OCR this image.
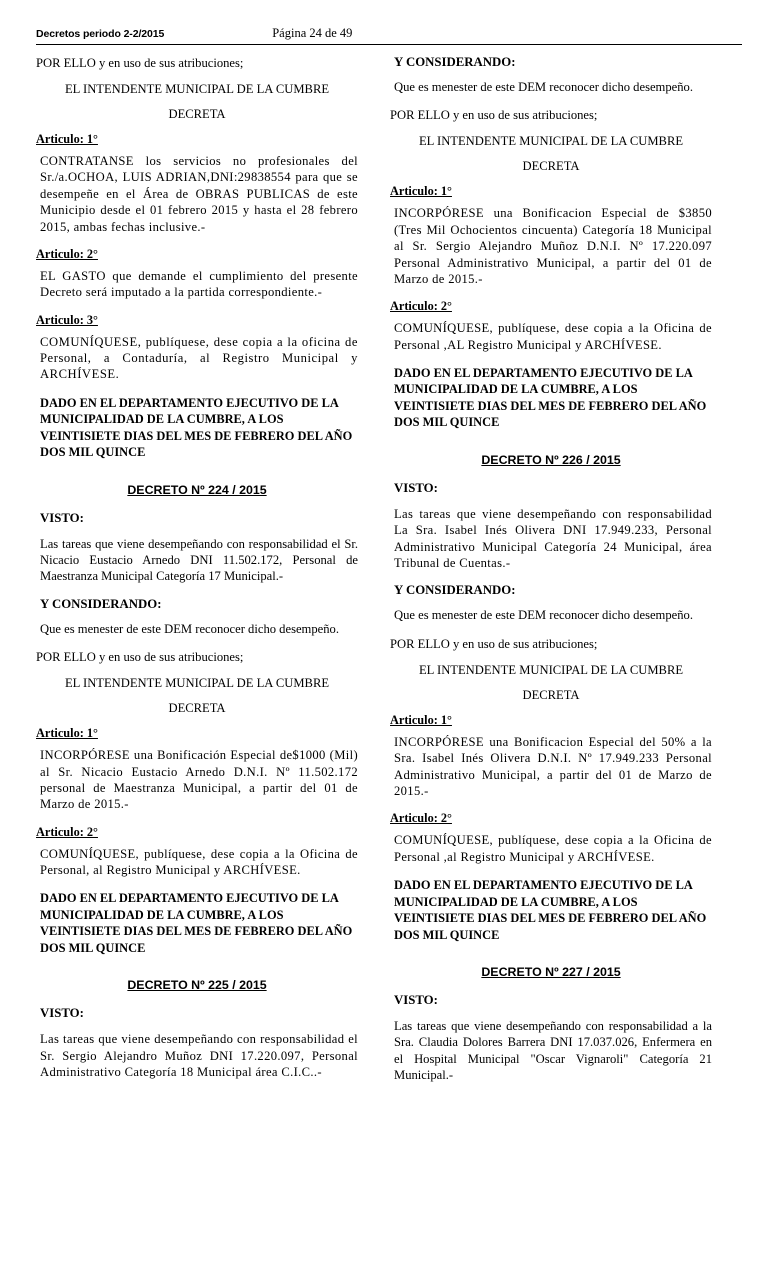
Decretos periodo 2-2/2015	Página 24 de 49
POR ELLO y en uso de sus atribuciones;
EL INTENDENTE MUNICIPAL DE LA CUMBRE
DECRETA
Articulo: 1°
CONTRATANSE los servicios no profesionales del Sr./a.OCHOA, LUIS ADRIAN,DNI:29838554 para que se desempeñe en el Área de OBRAS PUBLICAS de este Municipio desde el 01 febrero 2015 y hasta el 28 febrero 2015, ambas fechas inclusive.-
Articulo: 2°
EL GASTO que demande el cumplimiento del presente Decreto será imputado a la partida correspondiente.-
Articulo: 3°
COMUNÍQUESE, publíquese, dese copia a la oficina de Personal, a Contaduría, al Registro Municipal y ARCHÍVESE.
DADO EN EL DEPARTAMENTO EJECUTIVO DE LA MUNICIPALIDAD DE LA CUMBRE, A LOS VEINTISIETE DIAS DEL MES DE FEBRERO DEL AÑO DOS MIL QUINCE
DECRETO Nº 224 / 2015
VISTO:
Las tareas que viene desempeñando con responsabilidad el Sr. Nicacio Eustacio Arnedo DNI 11.502.172, Personal de Maestranza Municipal Categoría 17 Municipal.-
Y CONSIDERANDO:
Que es menester de este DEM reconocer dicho desempeño.
POR ELLO y en uso de sus atribuciones;
EL INTENDENTE MUNICIPAL DE LA CUMBRE
DECRETA
Articulo: 1°
INCORPÓRESE una Bonificación Especial de$1000 (Mil) al Sr. Nicacio Eustacio Arnedo D.N.I. Nº 11.502.172 personal de Maestranza Municipal, a partir del 01 de Marzo de 2015.-
Articulo: 2°
COMUNÍQUESE, publíquese, dese copia a la Oficina de Personal, al Registro Municipal y ARCHÍVESE.
DADO EN EL DEPARTAMENTO EJECUTIVO DE LA MUNICIPALIDAD DE LA CUMBRE, A LOS VEINTISIETE DIAS DEL MES DE FEBRERO DEL AÑO DOS MIL QUINCE
DECRETO Nº 225 / 2015
VISTO:
Las tareas que viene desempeñando con responsabilidad el Sr. Sergio Alejandro Muñoz DNI 17.220.097, Personal Administrativo Categoría 18 Municipal área C.I.C..-
Y CONSIDERANDO:
Que es menester de este DEM reconocer dicho desempeño.
POR ELLO y en uso de sus atribuciones;
EL INTENDENTE MUNICIPAL DE LA CUMBRE
DECRETA
Articulo: 1°
INCORPÓRESE una Bonificacion Especial de $3850 (Tres Mil Ochocientos cincuenta) Categoría 18 Municipal al Sr. Sergio Alejandro Muñoz D.N.I. Nº 17.220.097 Personal Administrativo Municipal, a partir del 01 de Marzo de 2015.-
Articulo: 2°
COMUNÍQUESE, publíquese, dese copia a la Oficina de Personal ,AL Registro Municipal y ARCHÍVESE.
DADO EN EL DEPARTAMENTO EJECUTIVO DE LA MUNICIPALIDAD DE LA CUMBRE, A LOS VEINTISIETE DIAS DEL MES DE FEBRERO DEL AÑO DOS MIL QUINCE
DECRETO Nº 226 / 2015
VISTO:
Las tareas que viene desempeñando con responsabilidad La Sra. Isabel Inés Olivera DNI 17.949.233, Personal Administrativo Municipal Categoría 24 Municipal, área Tribunal de Cuentas.-
Y CONSIDERANDO:
Que es menester de este DEM reconocer dicho desempeño.
POR ELLO y en uso de sus atribuciones;
EL INTENDENTE MUNICIPAL DE LA CUMBRE
DECRETA
Articulo: 1°
INCORPÓRESE una Bonificacion Especial del 50% a la Sra. Isabel Inés Olivera D.N.I. Nº 17.949.233 Personal Administrativo Municipal, a partir del 01 de Marzo de 2015.-
Articulo: 2°
COMUNÍQUESE, publíquese, dese copia a la Oficina de Personal ,al Registro Municipal y ARCHÍVESE.
DADO EN EL DEPARTAMENTO EJECUTIVO DE LA MUNICIPALIDAD DE LA CUMBRE, A LOS VEINTISIETE DIAS DEL MES DE FEBRERO DEL AÑO DOS MIL QUINCE
DECRETO Nº 227 / 2015
VISTO:
Las tareas que viene desempeñando con responsabilidad a la Sra. Claudia Dolores Barrera DNI 17.037.026, Enfermera en el Hospital Municipal "Oscar Vignaroli" Categoría 21 Municipal.-
